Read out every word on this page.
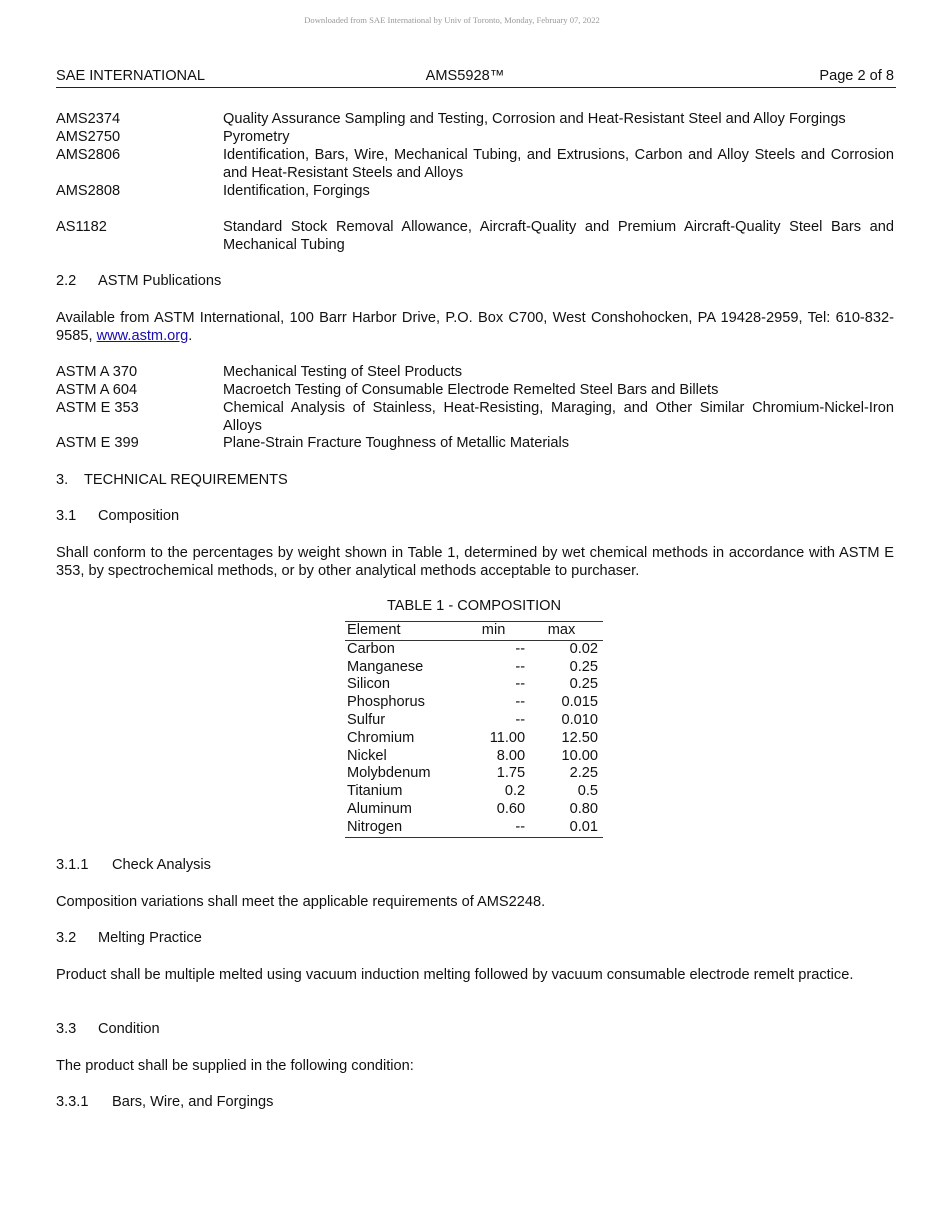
Downloaded from SAE International by Univ of Toronto, Monday, February 07, 2022
SAE INTERNATIONAL	AMS5928™	Page 2 of 8
AMS2374	Quality Assurance Sampling and Testing, Corrosion and Heat-Resistant Steel and Alloy Forgings
AMS2750	Pyrometry
AMS2806	Identification, Bars, Wire, Mechanical Tubing, and Extrusions, Carbon and Alloy Steels and Corrosion and Heat-Resistant Steels and Alloys
AMS2808	Identification, Forgings
AS1182	Standard Stock Removal Allowance, Aircraft-Quality and Premium Aircraft-Quality Steel Bars and Mechanical Tubing
2.2 ASTM Publications
Available from ASTM International, 100 Barr Harbor Drive, P.O. Box C700, West Conshohocken, PA 19428-2959, Tel: 610-832-9585, www.astm.org.
ASTM A 370	Mechanical Testing of Steel Products
ASTM A 604	Macroetch Testing of Consumable Electrode Remelted Steel Bars and Billets
ASTM E 353	Chemical Analysis of Stainless, Heat-Resisting, Maraging, and Other Similar Chromium-Nickel-Iron Alloys
ASTM E 399	Plane-Strain Fracture Toughness of Metallic Materials
3. TECHNICAL REQUIREMENTS
3.1 Composition
Shall conform to the percentages by weight shown in Table 1, determined by wet chemical methods in accordance with ASTM E 353, by spectrochemical methods, or by other analytical methods acceptable to purchaser.
TABLE 1 - COMPOSITION
Element	min	max
Carbon	--	0.02
Manganese	--	0.25
Silicon	--	0.25
Phosphorus	--	0.015
Sulfur	--	0.010
Chromium	11.00	12.50
Nickel	8.00	10.00
Molybdenum	1.75	2.25
Titanium	0.2	0.5
Aluminum	0.60	0.80
Nitrogen	--	0.01
3.1.1 Check Analysis
Composition variations shall meet the applicable requirements of AMS2248.
3.2 Melting Practice
Product shall be multiple melted using vacuum induction melting followed by vacuum consumable electrode remelt practice.
3.3 Condition
The product shall be supplied in the following condition:
3.3.1 Bars, Wire, and Forgings
